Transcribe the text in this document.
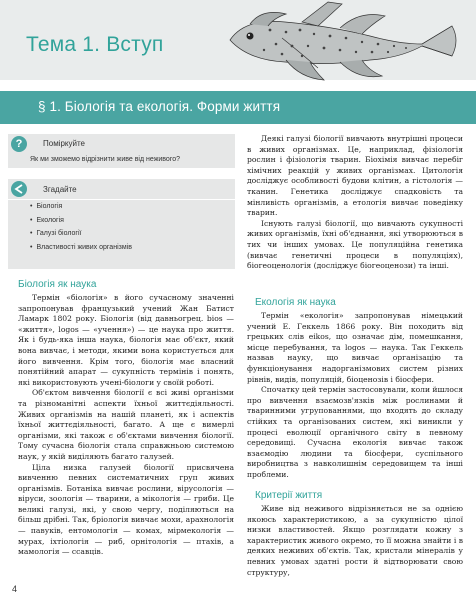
Тема 1. Вступ
§ 1. Біологія та екологія. Форми життя
?	Поміркуйте
Як ми зможемо відрізнити живе від неживого?
Згадайте
• Біологія
• Екологія
• Галузі біології
• Властивості живих організмів
Біологія як наука

Термін «біологія» в його сучасному значенні запропонував французький учений Жан Батист Ламарк 1802 року. Біологія (від давньогрец. bios — «життя», logos — «учення») — це наука про життя. Як і будь-яка інша наука, біологія має об'єкт, який вона вивчає, і методи, якими вона користується для його вивчення. Крім того, біологія має власний понятійний апарат — сукупність термінів і понять, які використовують учені-біологи у своїй роботі.

Об'єктом вивчення біології є всі живі організми та різноманітні аспекти їхньої життєдіяльності. Живих організмів на нашій планеті, як і аспектів їхньої життєдіяльності, багато. А ще є вимерлі організми, які також є об'єктами вивчення біології. Тому сучасна біологія стала справжньою системою наук, у якій виділяють багато галузей.

Ціла низка галузей біології присвячена вивченню певних систематичних груп живих організмів. Ботаніка вивчає рослини, вірусологія — віруси, зоологія — тварини, а мікологія — гриби. Це великі галузі, які, у свою чергу, поділяються на більш дрібні. Так, бріологія вивчає мохи, арахнологія — павуків, ентомологія — комах, мірмекологія — мурах, іхтіологія — риб, орнітологія — птахів, а мамологія — ссавців.

Деякі галузі біології вивчають внутрішні процеси в живих організмах. Це, наприклад, фізіологія рослин і фізіологія тварин. Біохімія вивчає перебіг хімічних реакцій у живих організмах. Цитологія досліджує особливості будови клітин, а гістологія — тканин. Генетика досліджує спадковість та мінливість організмів, а етологія вивчає поведінку тварин.

Існують галузі біології, що вивчають сукупності живих організмів, їхні об'єднання, які утворюються в тих чи інших умовах. Це популяційна генетика (вивчає генетичні процеси в популяціях), біогеоценологія (досліджує біогеоценози) та інші.

Екологія як наука

Термін «екологія» запропонував німецький учений Е. Геккель 1866 року. Він походить від грецьких слів eikos, що означає дім, помешкання, місце перебування, та logos — наука. Так Геккель назвав науку, що вивчає організацію та функціонування надорганізмових систем різних рівнів, видів, популяцій, біоценозів і біосфери.

Спочатку цей термін застосовували, коли йшлося про вивчення взаємозв'язків між рослинами й тваринними угрупованнями, що входять до складу стійких та організованих систем, які виникли у процесі еволюції органічного світу в певному середовищі. Сучасна екологія вивчає також взаємодію людини та біосфери, суспільного виробництва з навколишнім середовищем та інші проблеми.

Критерії життя

Живе від неживого відрізняється не за однією якоюсь характеристикою, а за сукупністю цілої низки властивостей. Якщо розглядати кожну з характеристик живого окремо, то її можна знайти і в деяких неживих об'єктів. Так, кристали мінералів у певних умовах здатні рости й відтворювати свою структуру,

4
